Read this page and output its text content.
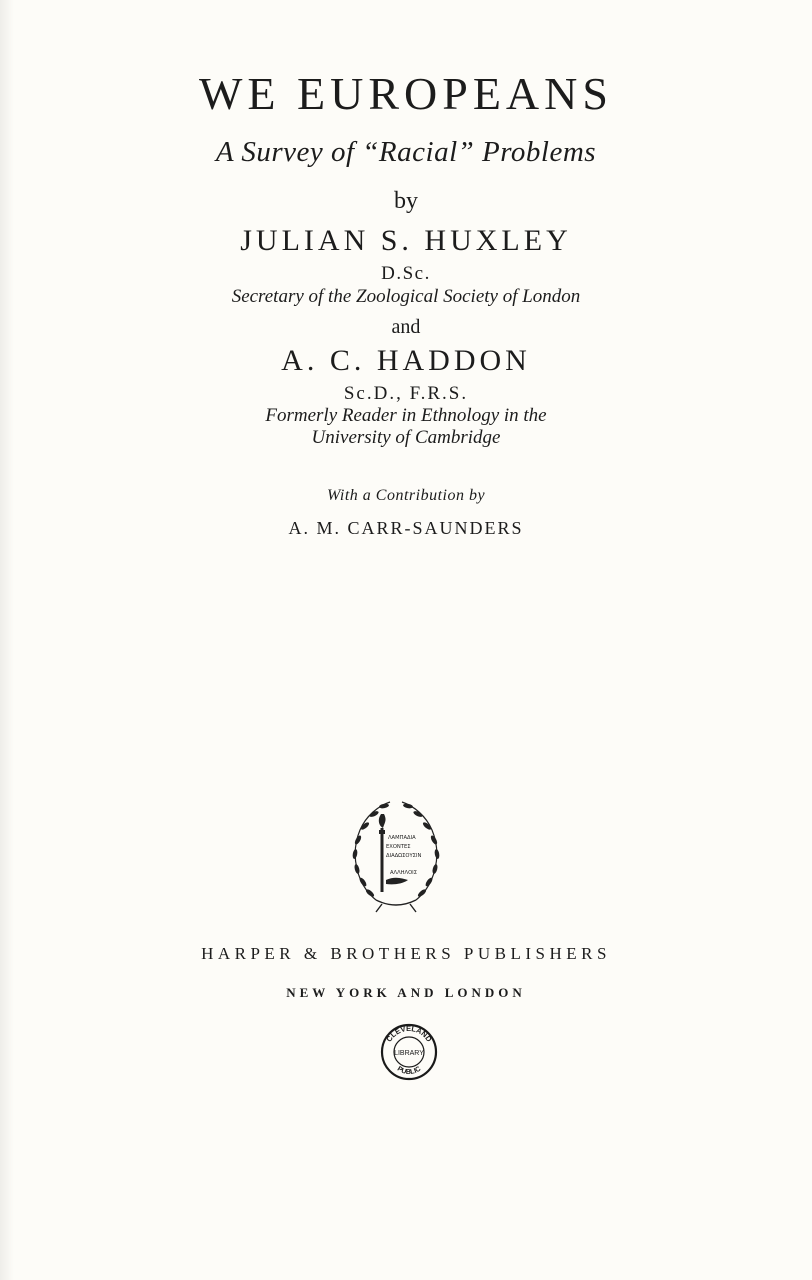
WE EUROPEANS
A Survey of “Racial” Problems
by
JULIAN S. HUXLEY
D.Sc.
Secretary of the Zoological Society of London
and
A. C. HADDON
Sc.D., F.R.S.
Formerly Reader in Ethnology in the
University of Cambridge
With a Contribution by
A. M. CARR-SAUNDERS
ΛΑΜΠΑΔΙΑ
ΕΧΟΝΤΕΣ
ΔΙΑΔΩΣΟΥΣΙΝ
ΑΛΛΗΛΟΙΣ
HARPER & BROTHERS PUBLISHERS
NEW YORK AND LONDON
CLEVELAND
LIBRARY
PUBLIC
